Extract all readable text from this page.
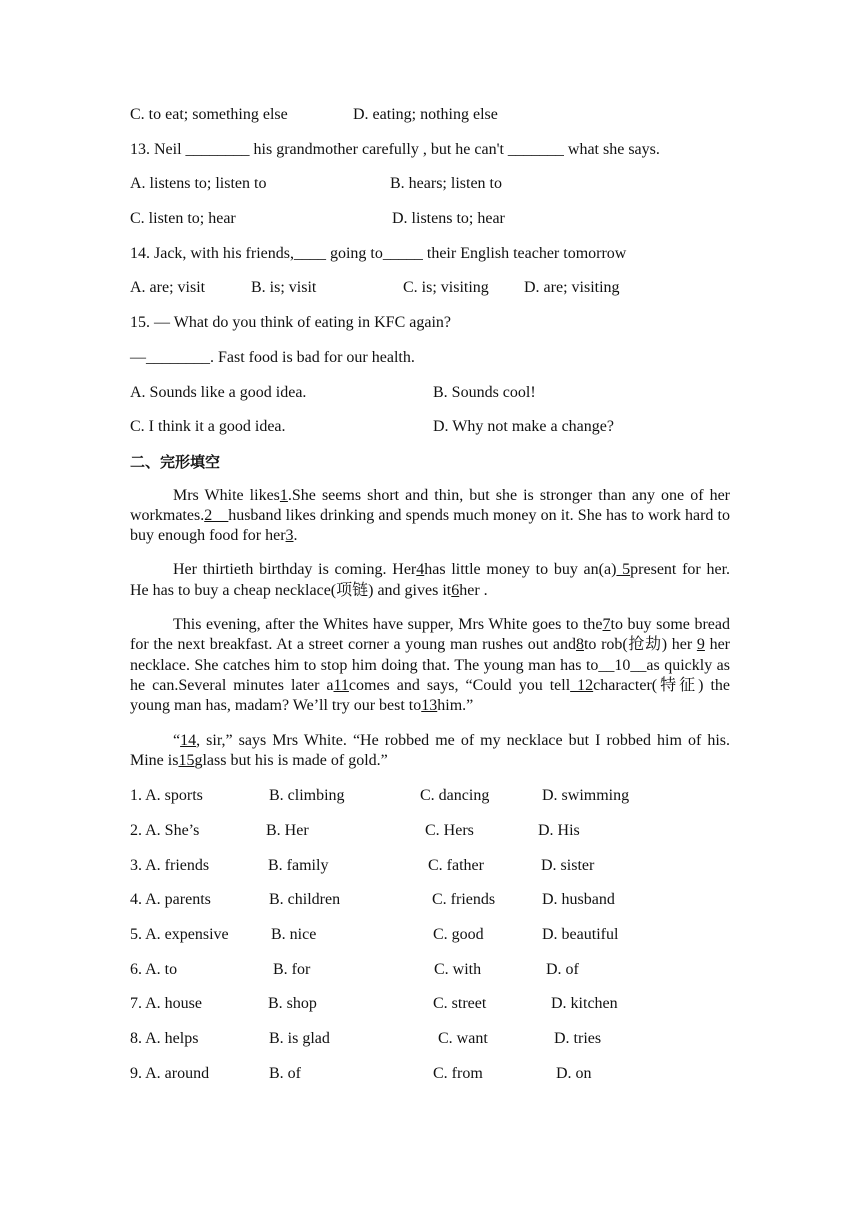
C. to eat; something else	D. eating; nothing else
13. Neil ________ his grandmother carefully , but he can't _______ what she says.
A. listens to; listen to	B. hears; listen to
C. listen to; hear	D. listens to; hear
14. Jack, with his friends,____ going to_____ their English teacher tomorrow
A. are; visit	B. is; visit	C. is; visiting D. are; visiting
15. — What do you think of eating in KFC again?
—________. Fast food is bad for our health.
A. Sounds like a good idea.	B. Sounds cool!
C. I think it a good idea.	D. Why not make a change?
二、完形填空

Mrs White likes1.She seems short and thin, but she is stronger than any one of her workmates.2__husband likes drinking and spends much money on it. She has to work hard to buy enough food for her3.

Her thirtieth birthday is coming. Her4has little money to buy an(a) 5present for her. He has to buy a cheap necklace(项链) and gives it6her .

This evening, after the Whites have supper, Mrs White goes to the7to buy some bread for the next breakfast. At a street corner a young man rushes out and8to rob(抢劫) her 9 her necklace. She catches him to stop him doing that. The young man has to__10__as quickly as he can.Several minutes later a11comes and says, “Could you tell 12character(特征) the young man has, madam? We’ll try our best to13him.”

“14, sir,” says Mrs White. “He robbed me of my necklace but I robbed him of his. Mine is15glass but his is made of gold.”

1. A. sports	B. climbing	C. dancing	D. swimming
2. A. She’s	B. Her	C. Hers	D. His
3. A. friends	B. family	C. father	D. sister
4. A. parents	B. children	C. friends	D. husband
5. A. expensive	B. nice	C. good	D. beautiful
6. A. to	B. for	C. with	D. of
7. A. house	B. shop	C. street	D. kitchen
8. A. helps	B. is glad	C. want	D. tries
9. A. around	B. of	C. from	D. on
